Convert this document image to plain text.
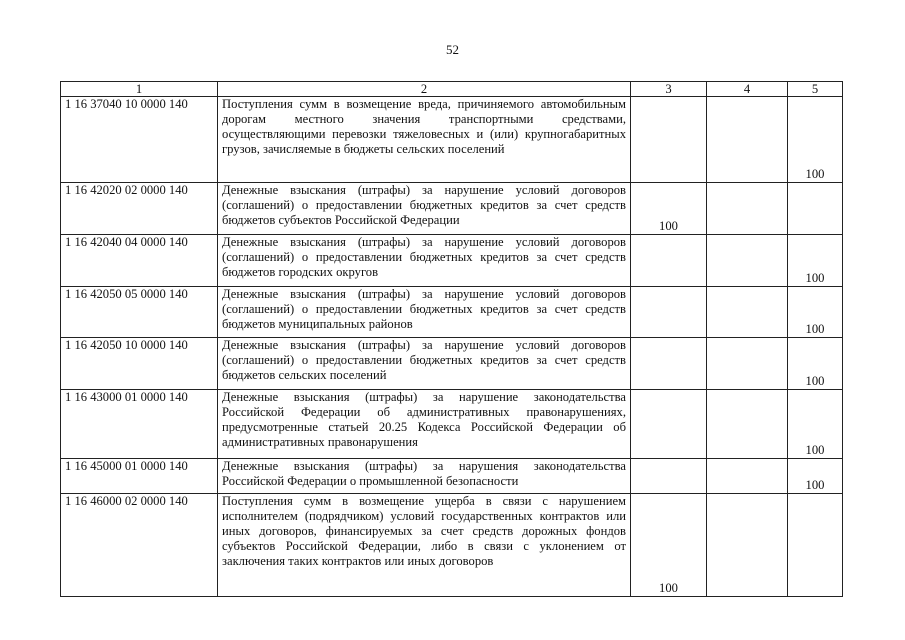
52
1	2	3	4	5
1 16 37040 10 0000 140	Поступления сумм в возмещение вреда, причиняемого автомобильным дорогам местного значения транспортными средствами, осуществляющими перевозки тяжеловесных и (или) крупногабаритных грузов, зачисляемые в бюджеты сельских поселений			100
1 16 42020 02 0000 140	Денежные взыскания (штрафы) за нарушение условий договоров (соглашений) о предоставлении бюджетных кредитов за счет средств бюджетов субъектов Российской Федерации	100		
1 16 42040 04 0000 140	Денежные взыскания (штрафы) за нарушение условий договоров (соглашений) о предоставлении бюджетных кредитов за счет средств бюджетов городских округов			100
1 16 42050 05 0000 140	Денежные взыскания (штрафы) за нарушение условий договоров (соглашений) о предоставлении бюджетных кредитов за счет средств бюджетов муниципальных районов			100
1 16 42050 10 0000 140	Денежные взыскания (штрафы) за нарушение условий договоров (соглашений) о предоставлении бюджетных кредитов за счет средств бюджетов сельских поселений			100
1 16 43000 01 0000 140	Денежные взыскания (штрафы) за нарушение законодательства Российской Федерации об административных правонарушениях, предусмотренные статьей 20.25 Кодекса Российской Федерации об административных правонарушения			100
1 16 45000 01 0000 140	Денежные взыскания (штрафы) за нарушения законодательства Российской Федерации о промышленной безопасности			100
1 16 46000 02 0000 140	Поступления сумм в возмещение ущерба в связи с нарушением исполнителем (подрядчиком) условий государственных контрактов или иных договоров, финансируемых за счет средств дорожных фондов субъектов Российской Федерации, либо в связи с уклонением от заключения таких контрактов или иных договоров	100		
